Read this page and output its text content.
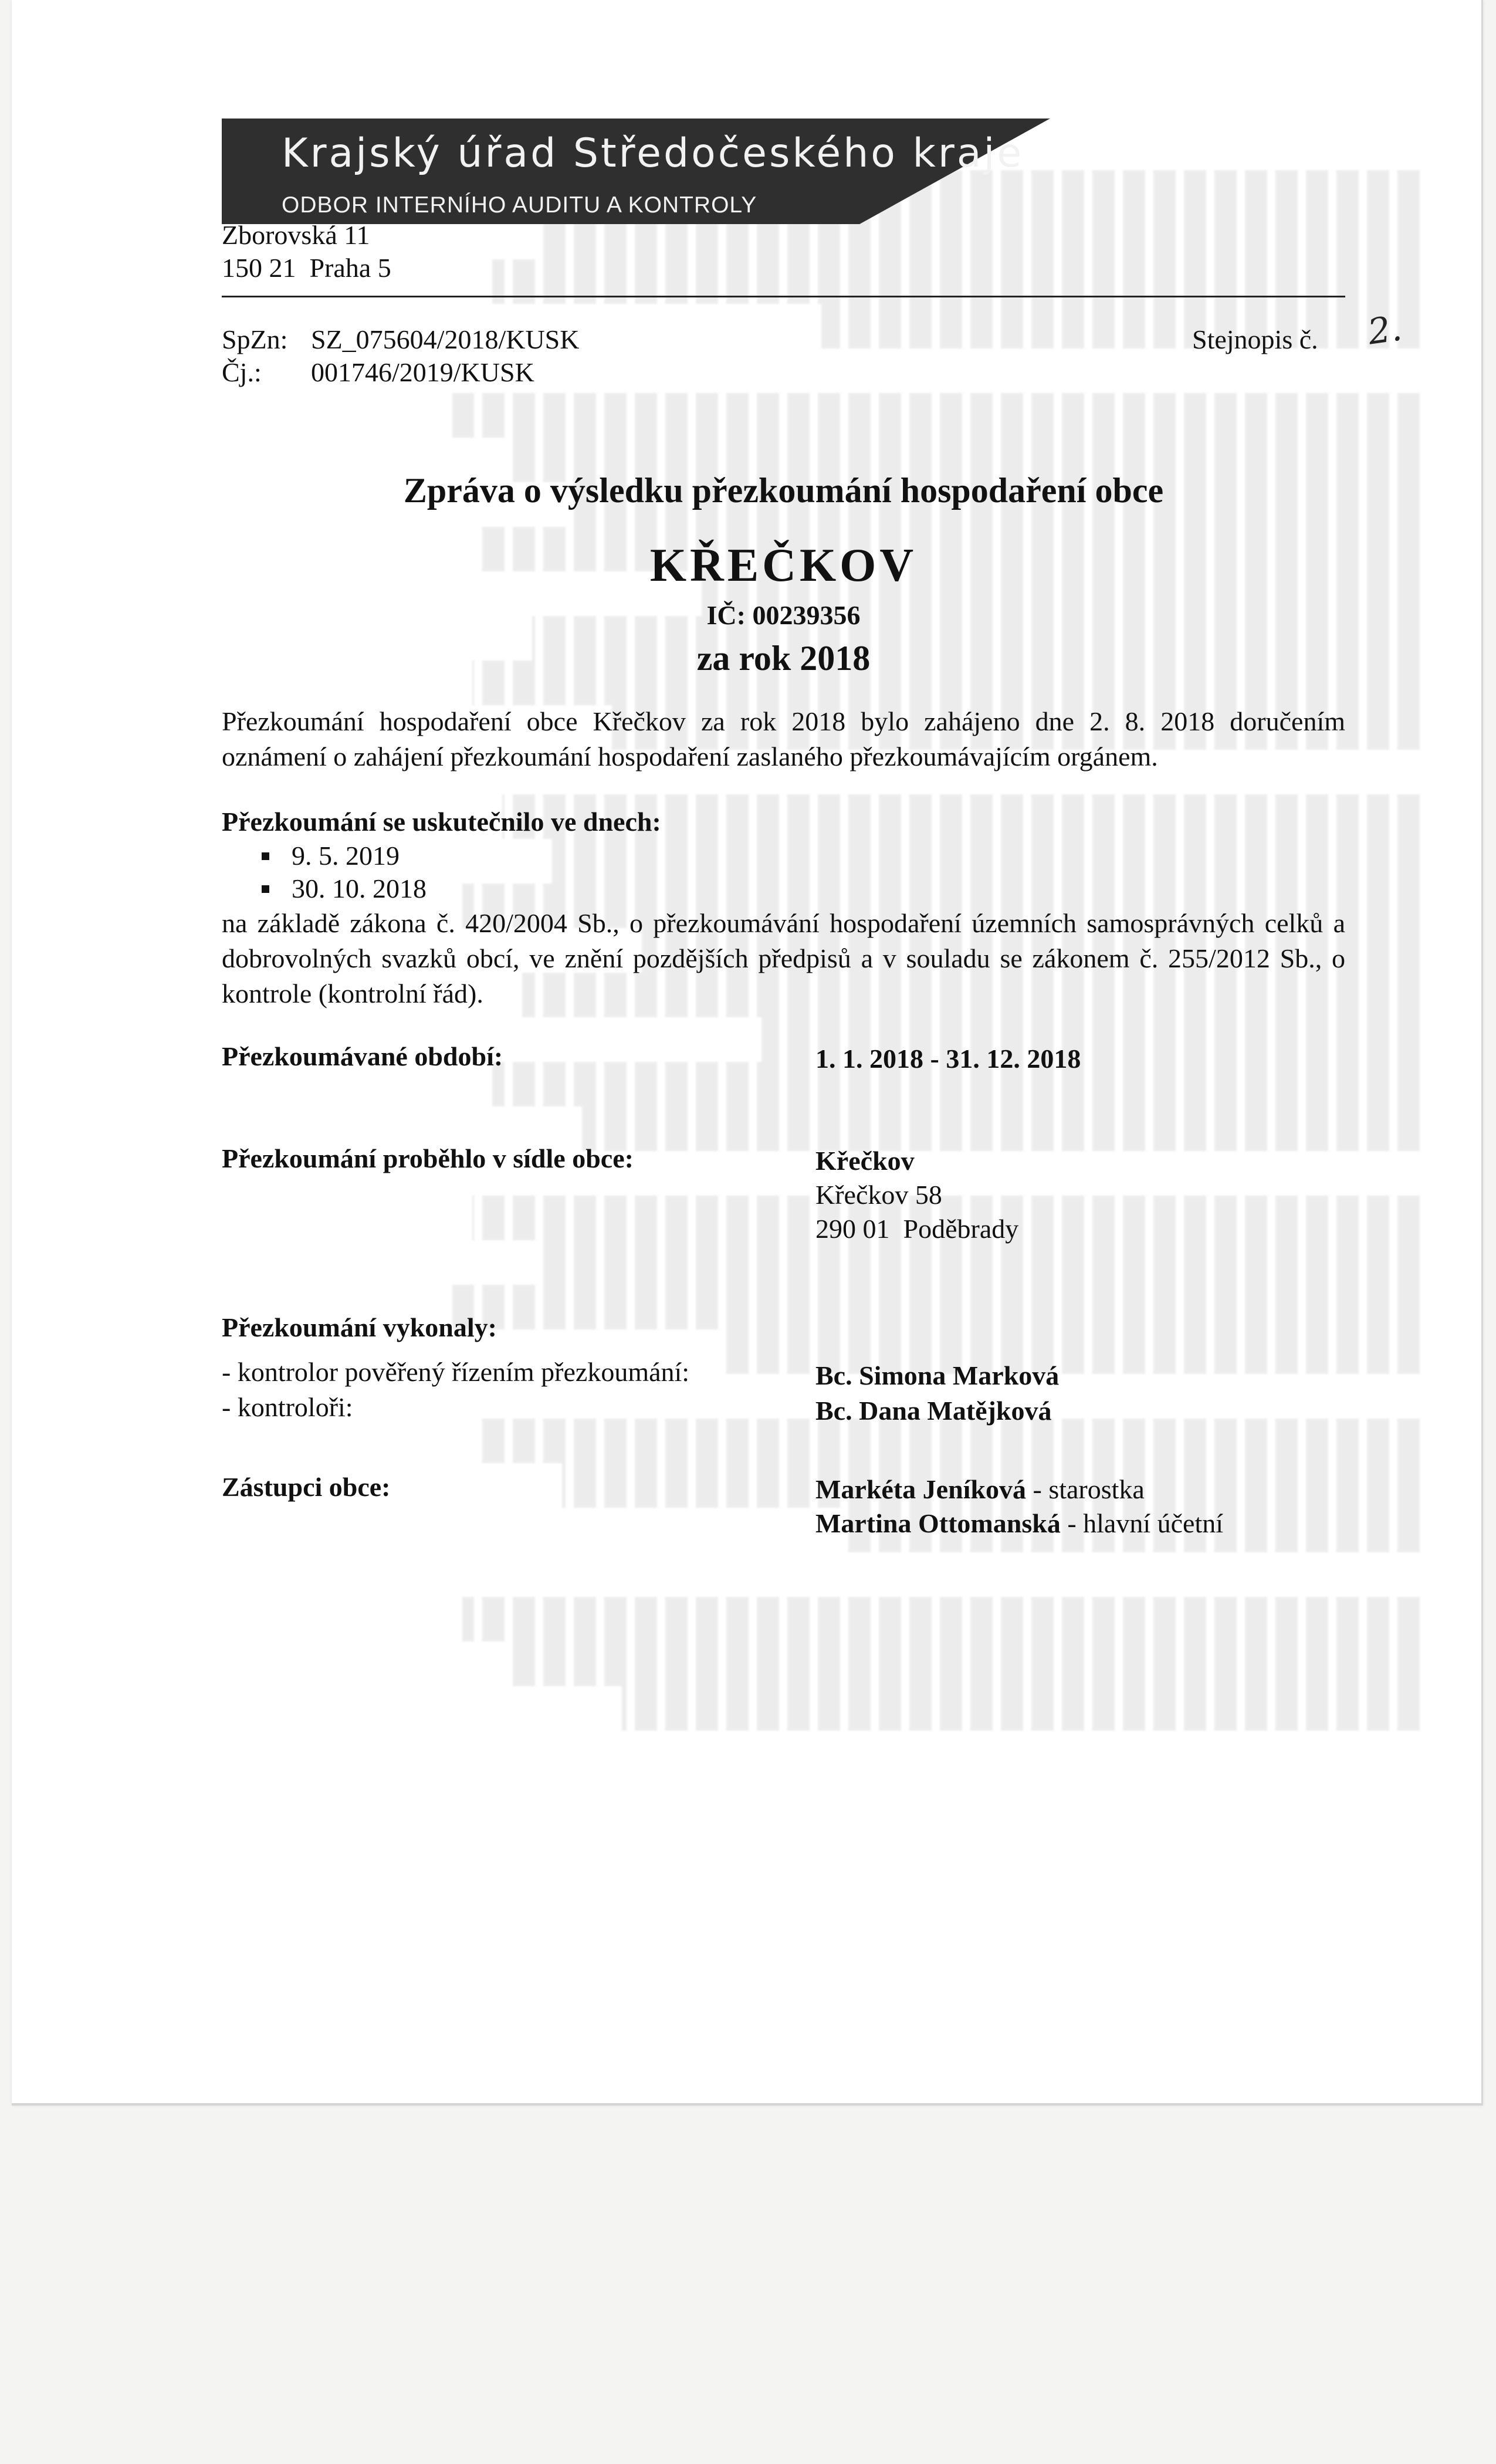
Krajský úřad Středočeského kraje
ODBOR INTERNÍHO AUDITU A KONTROLY
Zborovská 11
150 21  Praha 5
SpZn: SZ_075604/2018/KUSK
Čj.: 001746/2019/KUSK
Stejnopis č. 2.
Zpráva o výsledku přezkoumání hospodaření obce
KŘEČKOV
IČ: 00239356
za rok 2018
Přezkoumání hospodaření obce Křečkov za rok 2018 bylo zahájeno dne 2. 8. 2018 doručením oznámení o zahájení přezkoumání hospodaření zaslaného přezkoumávajícím orgánem.
Přezkoumání se uskutečnilo ve dnech:
9. 5. 2019
30. 10. 2018
na základě zákona č. 420/2004 Sb., o přezkoumávání hospodaření územních samosprávných celků a dobrovolných svazků obcí, ve znění pozdějších předpisů a v souladu se zákonem č. 255/2012 Sb., o kontrole (kontrolní řád).
Přezkoumávané období:	1. 1. 2018 - 31. 12. 2018
Přezkoumání proběhlo v sídle obce:	Křečkov
Křečkov 58
290 01  Poděbrady
Přezkoumání vykonaly:
- kontrolor pověřený řízením přezkoumání:	Bc. Simona Marková
- kontroloři:	Bc. Dana Matějková
Zástupci obce:	Markéta Jeníková - starostka
Martina Ottomanská - hlavní účetní
